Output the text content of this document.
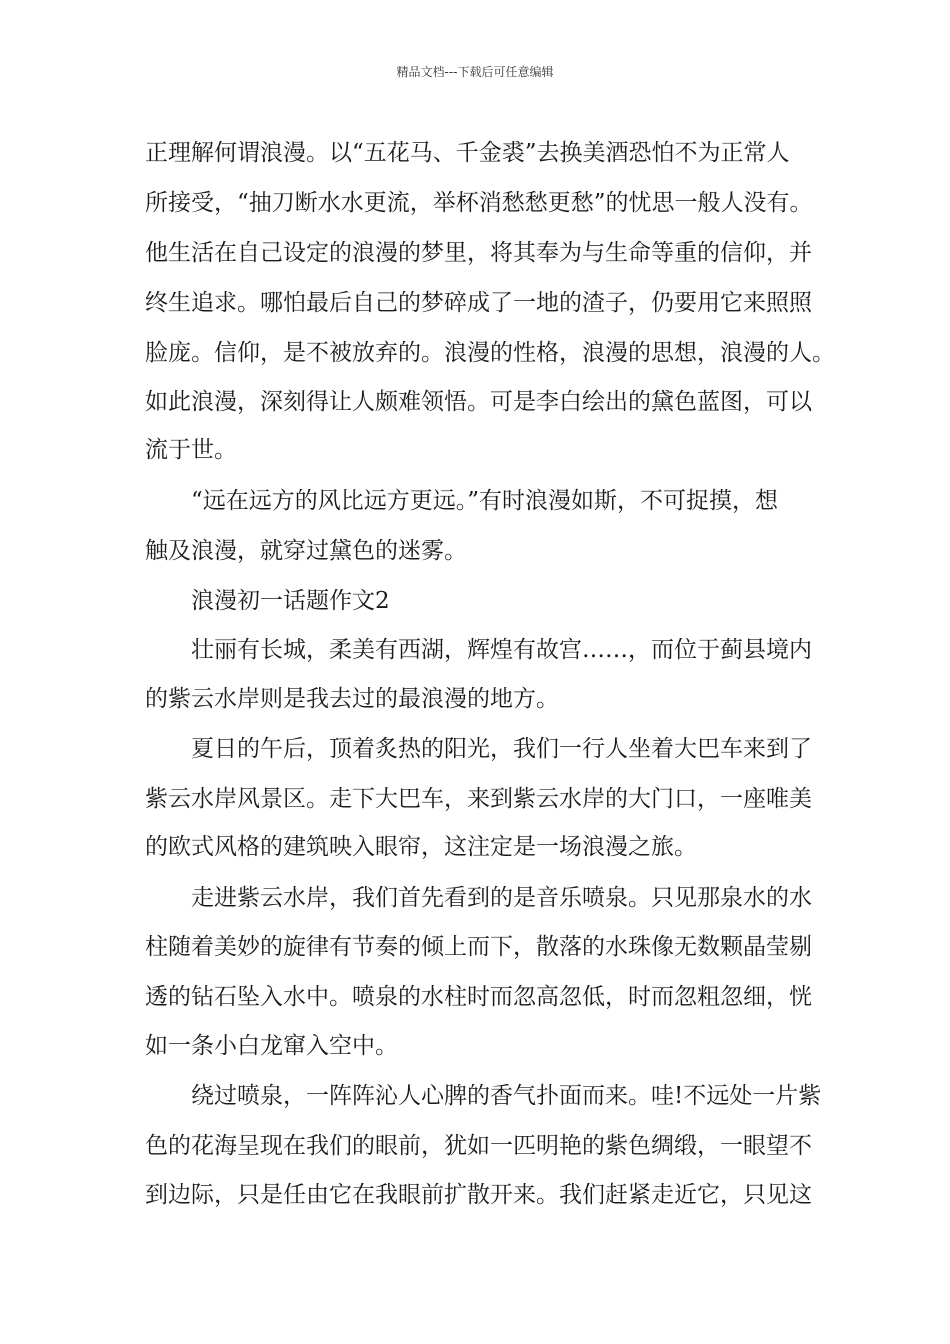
精品文档---下载后可任意编辑
正理解何谓浪漫。以“五花马、千金裘”去换美酒恐怕不为正常人
所接受，“抽刀断水水更流，举杯消愁愁更愁”的忧思一般人没有。
他生活在自己设定的浪漫的梦里，将其奉为与生命等重的信仰，并
终生追求。哪怕最后自己的梦碎成了一地的渣子，仍要用它来照照
脸庞。信仰，是不被放弃的。浪漫的性格，浪漫的思想，浪漫的人。
如此浪漫，深刻得让人颇难领悟。可是李白绘出的黛色蓝图，可以
流于世。
“远在远方的风比远方更远。”有时浪漫如斯，不可捉摸，想
触及浪漫，就穿过黛色的迷雾。
浪漫初一话题作文2
壮丽有长城，柔美有西湖，辉煌有故宫……，而位于蓟县境内
的紫云水岸则是我去过的最浪漫的地方。
夏日的午后，顶着炙热的阳光，我们一行人坐着大巴车来到了
紫云水岸风景区。走下大巴车，来到紫云水岸的大门口，一座唯美
的欧式风格的建筑映入眼帘，这注定是一场浪漫之旅。
走进紫云水岸，我们首先看到的是音乐喷泉。只见那泉水的水
柱随着美妙的旋律有节奏的倾上而下，散落的水珠像无数颗晶莹剔
透的钻石坠入水中。喷泉的水柱时而忽高忽低，时而忽粗忽细，恍
如一条小白龙窜入空中。
绕过喷泉，一阵阵沁人心脾的香气扑面而来。哇!不远处一片紫
色的花海呈现在我们的眼前，犹如一匹明艳的紫色绸缎，一眼望不
到边际，只是任由它在我眼前扩散开来。我们赶紧走近它，只见这
